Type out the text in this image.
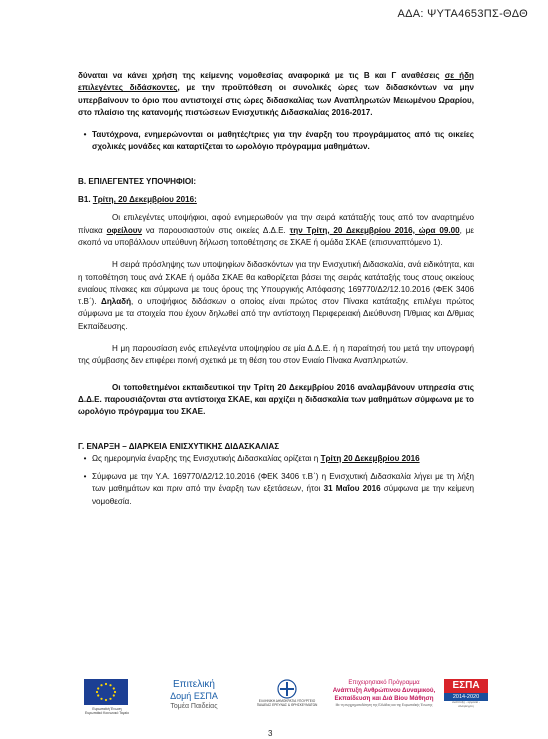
ΑΔΑ: ΨΥΤΑ4653ΠΣ-ΘΔΘ

δύναται να κάνει χρήση της κείμενης νομοθεσίας αναφορικά με τις Β και Γ αναθέσεις σε ήδη επιλεγέντες διδάσκοντες, με την προϋπόθεση οι συνολικές ώρες των διδασκόντων να μην υπερβαίνουν το όριο που αντιστοιχεί στις ώρες διδασκαλίας των Αναπληρωτών Μειωμένου Ωραρίου, στο πλαίσιο της κατανομής πιστώσεων Ενισχυτικής Διδασκαλίας 2016-2017.

• Ταυτόχρονα, ενημερώνονται οι μαθητές/τριες για την έναρξη του προγράμματος από τις οικείες σχολικές μονάδες και καταρτίζεται το ωρολόγιο πρόγραμμα μαθημάτων.

Β. ΕΠΙΛΕΓΕΝΤΕΣ ΥΠΟΨΗΦΙΟΙ:

Β1. Τρίτη, 20 Δεκεμβρίου 2016:

Οι επιλεγέντες υποψήφιοι, αφού ενημερωθούν για την σειρά κατάταξής τους από τον αναρτημένο πίνακα οφείλουν να παρουσιαστούν στις οικείες Δ.Δ.Ε. την Τρίτη, 20 Δεκεμβρίου 2016, ώρα 09.00, με σκοπό να υποβάλλουν υπεύθυνη δήλωση τοποθέτησης σε ΣΚΑΕ ή ομάδα ΣΚΑΕ (επισυναπτόμενο 1).

Η σειρά πρόσληψης των υποψηφίων διδασκόντων για την Ενισχυτική Διδασκαλία, ανά ειδικότητα, και η τοποθέτηση τους ανά ΣΚΑΕ ή ομάδα ΣΚΑΕ θα καθορίζεται βάσει της σειράς κατάταξής τους στους οικείους ενιαίους πίνακες και σύμφωνα με τους όρους της Υπουργικής Απόφασης 169770/Δ2/12.10.2016 (ΦΕΚ 3406 τ.Β΄). Δηλαδή, ο υποψήφιος διδάσκων ο οποίος είναι πρώτος στον Πίνακα κατάταξης επιλέγει πρώτος σύμφωνα με τα στοιχεία που έχουν δηλωθεί από την αντίστοιχη Περιφερειακή Διεύθυνση Π/θμιας και Δ/θμιας Εκπαίδευσης.

Η μη παρουσίαση ενός επιλεγέντα υποψηφίου σε μία Δ.Δ.Ε. ή η παραίτησή του μετά την υπογραφή της σύμβασης δεν επιφέρει ποινή σχετικά με τη θέση του στον Ενιαίο Πίνακα Αναπληρωτών.

Οι τοποθετημένοι εκπαιδευτικοί την Τρίτη 20 Δεκεμβρίου 2016 αναλαμβάνουν υπηρεσία στις Δ.Δ.Ε. παρουσιάζονται στα αντίστοιχα ΣΚΑΕ, και αρχίζει η διδασκαλία των μαθημάτων σύμφωνα με το ωρολόγιο πρόγραμμα του ΣΚΑΕ.

Γ. ΕΝΑΡΞΗ – ΔΙΑΡΚΕΙΑ ΕΝΙΣΧΥΤΙΚΗΣ ΔΙΔΑΣΚΑΛΙΑΣ

• Ως ημερομηνία έναρξης της Ενισχυτικής Διδασκαλίας ορίζεται η Τρίτη 20 Δεκεμβρίου 2016

• Σύμφωνα με την Υ.Α. 169770/Δ2/12.10.2016 (ΦΕΚ 3406 τ.Β΄) η Ενισχυτική Διδασκαλία λήγει με τη λήξη των μαθημάτων και πριν από την έναρξη των εξετάσεων, ήτοι 31 Μαΐου 2016 σύμφωνα με την κείμενη νομοθεσία.

Ευρωπαϊκή Ένωση Ευρωπαϊκό Κοινωνικό Ταμείο
Επιτελική
Δομή ΕΣΠΑ
Τομέα Παιδείας
ΕΛΛΗΝΙΚΗ ΔΗΜΟΚΡΑΤΙΑ ΥΠΟΥΡΓΕΙΟ ΠΑΙΔΕΙΑΣ ΕΡΕΥΝΑΣ & ΘΡΗΣΚΕΥΜΑΤΩΝ
Επιχειρησιακό Πρόγραμμα
Ανάπτυξη Ανθρώπινου Δυναμικού,
Εκπαίδευση και Διά Βίου Μάθηση
Με τη συγχρηματοδότηση της Ελλάδας και της Ευρωπαϊκής Ένωσης
ΕΣΠΑ
2014-2020
ανάπτυξη - εργασία - αλληλεγγύη
3
